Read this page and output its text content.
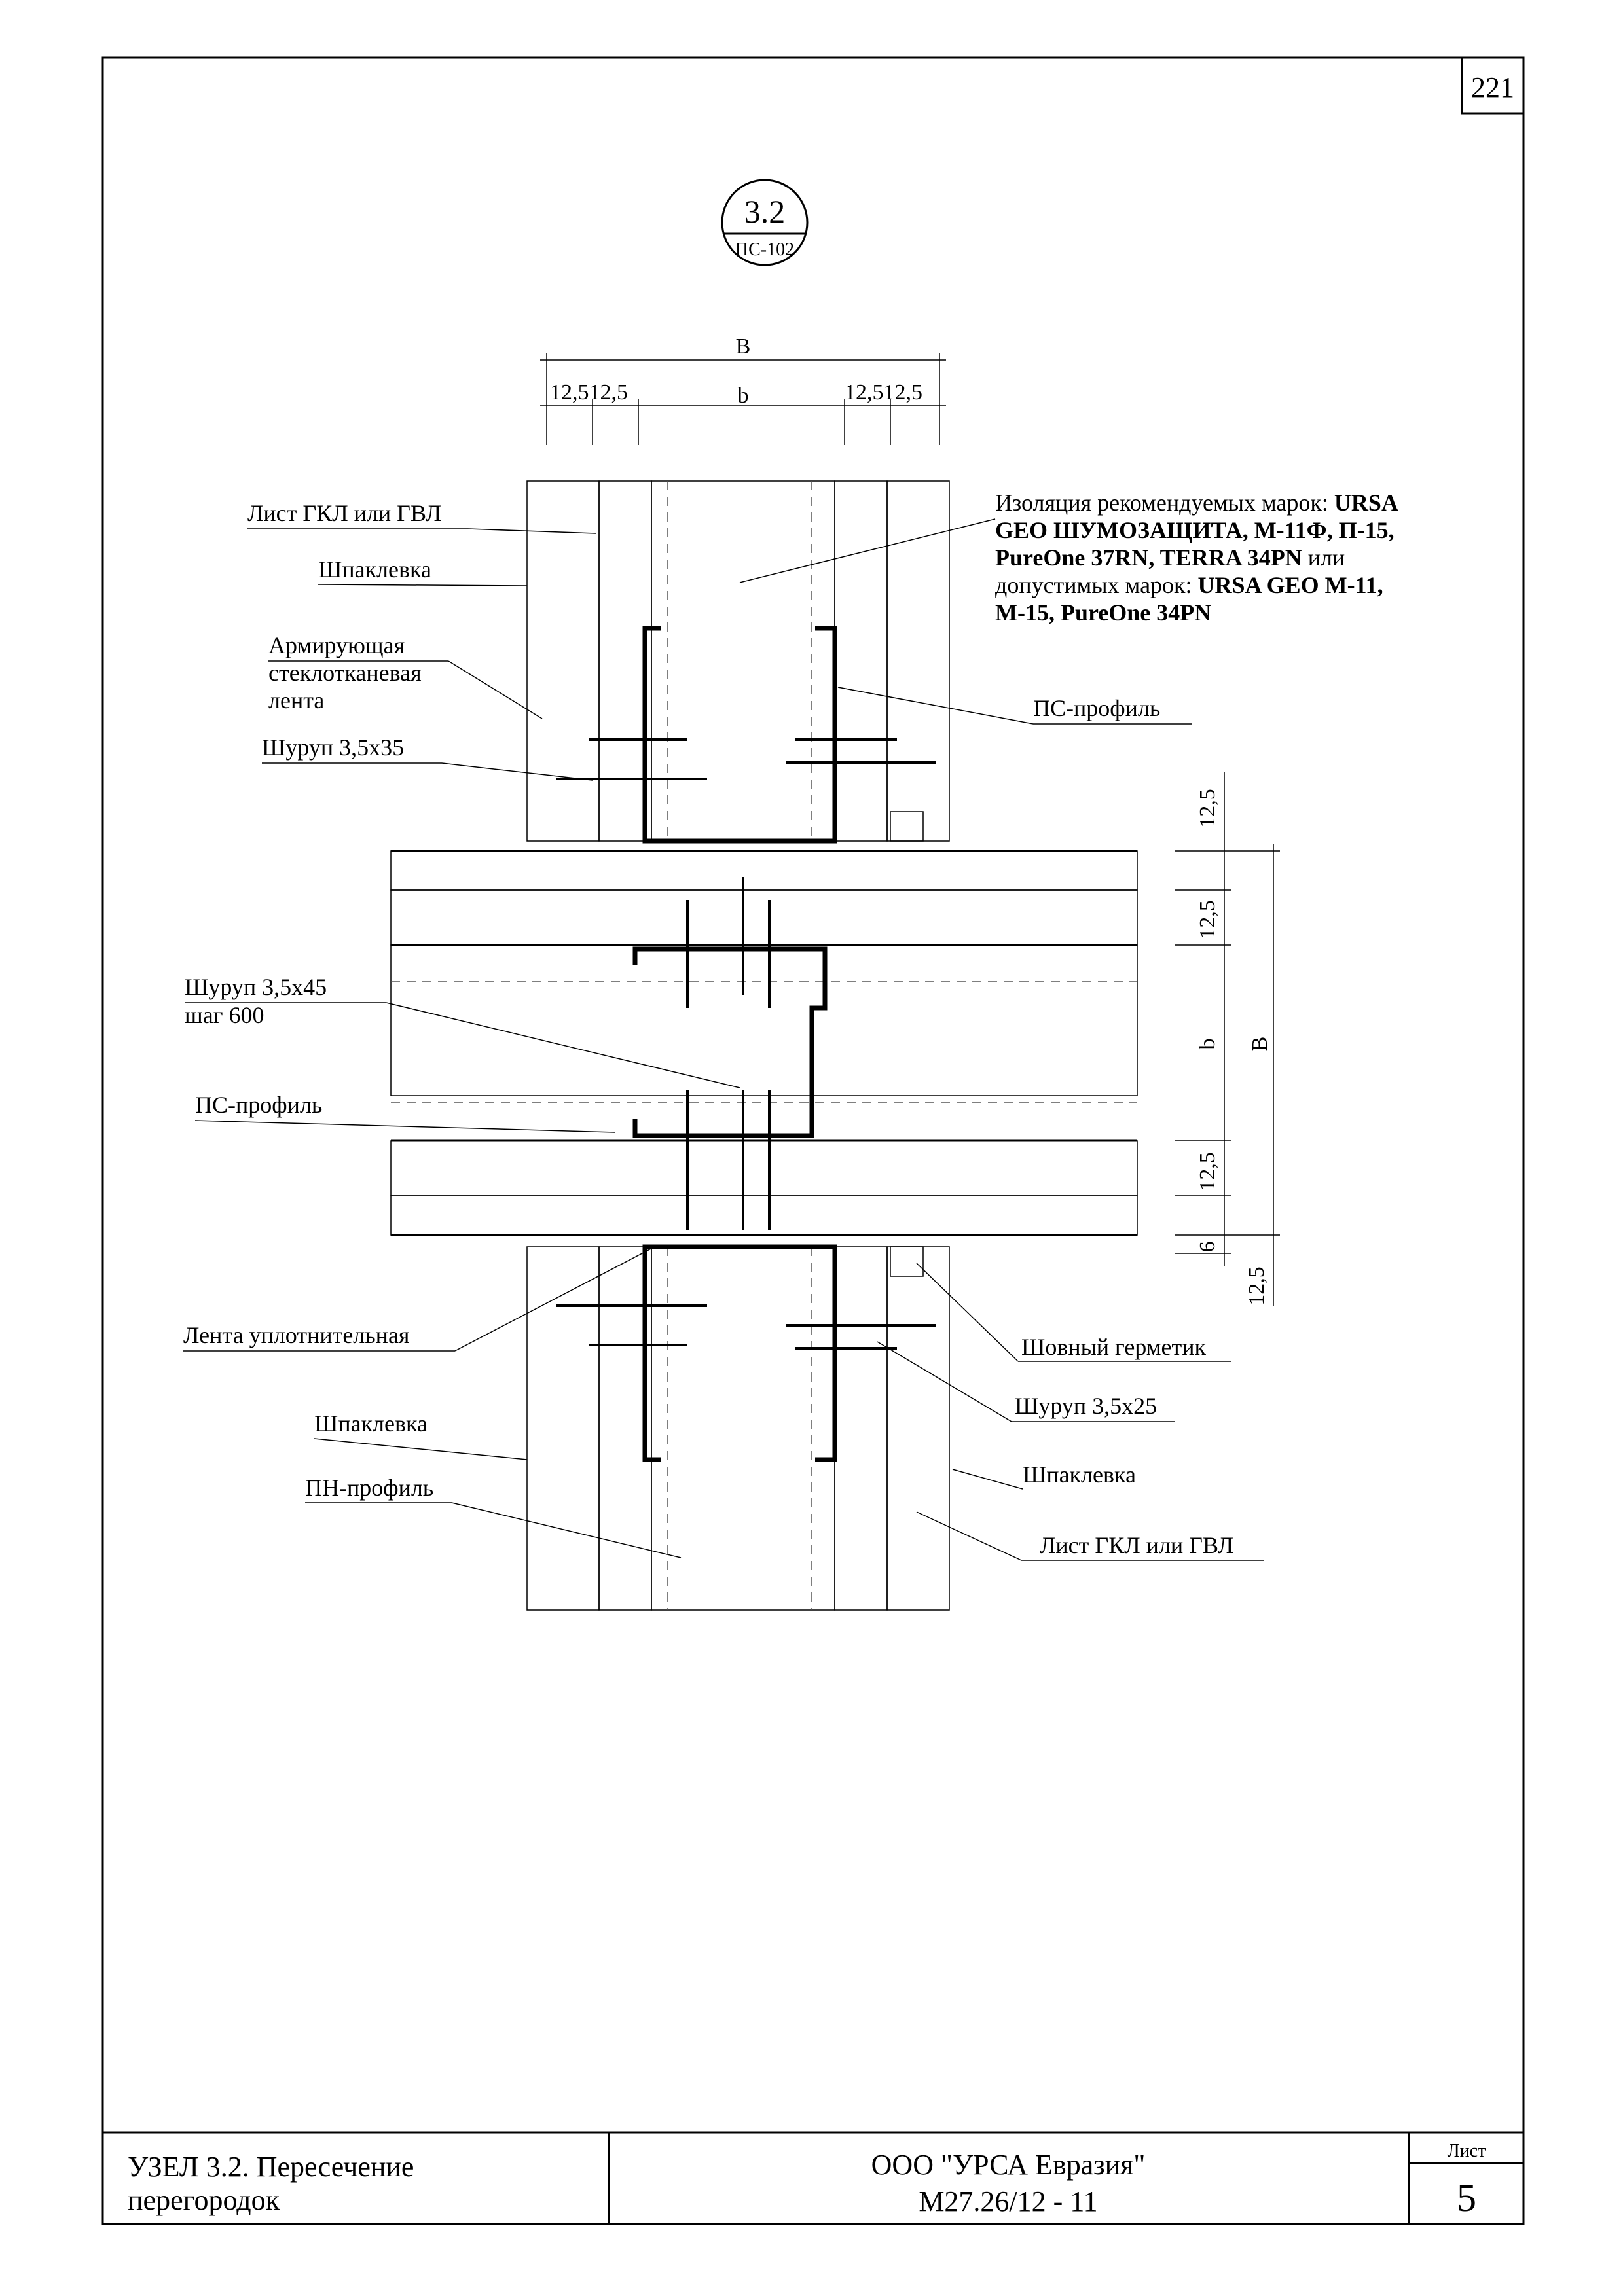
221
3.2
ПС-102
B
b
12,512,5	12,512,5
12,5
12,5
b B
12,5
6
12,5
Лист ГКЛ или ГВЛ
Шпаклевка
Армирующая
стеклотканевая
лента
Шуруп 3,5х35
Шуруп 3,5х45
шаг 600
ПС-профиль
Лента уплотнительная
Шпаклевка
ПН-профиль
Изоляция рекомендуемых марок: URSA
GEO ШУМОЗАЩИТА, М-11Ф, П-15,
PureOne 37RN, TERRA 34PN или
допустимых марок: URSA GEO М-11,
М-15, PureOne 34PN
ПС-профиль
Шовный герметик
Шуруп 3,5х25
Шпаклевка
Лист ГКЛ или ГВЛ
УЗЕЛ 3.2. Пересечение
перегородок
ООО "УРСА Евразия"
М27.26/12 - 11
Лист
5
